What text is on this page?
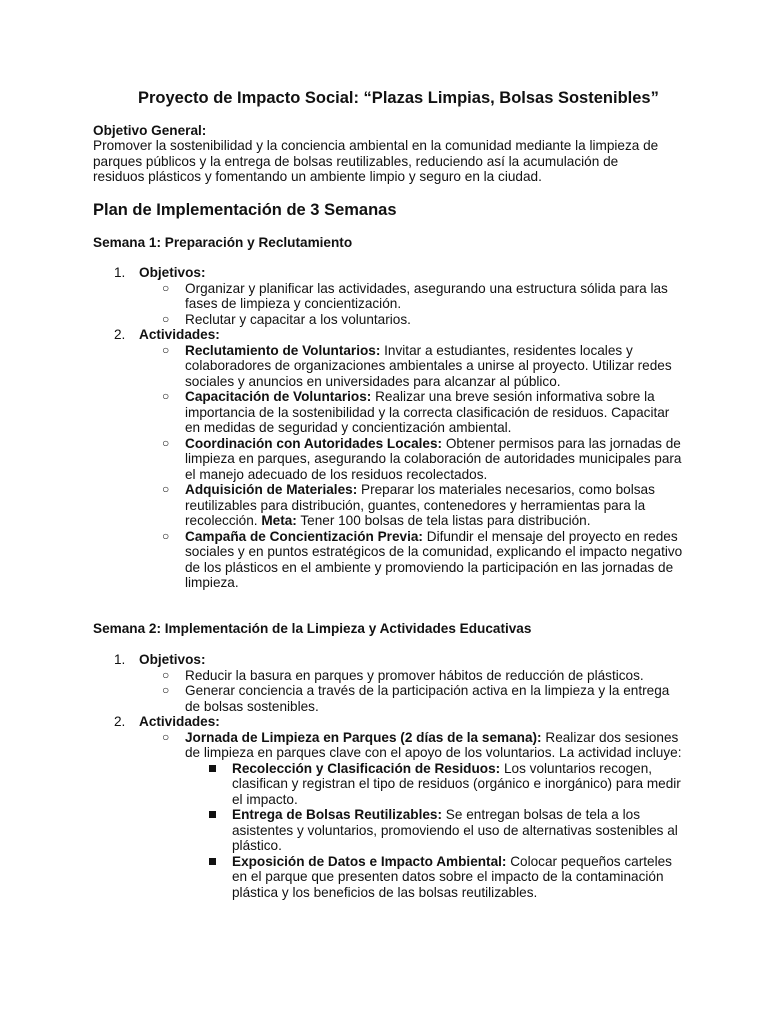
Proyecto de Impacto Social: “Plazas Limpias, Bolsas Sostenibles”
Objetivo General:
Promover la sostenibilidad y la conciencia ambiental en la comunidad mediante la limpieza de parques públicos y la entrega de bolsas reutilizables, reduciendo así la acumulación de residuos plásticos y fomentando un ambiente limpio y seguro en la ciudad.
Plan de Implementación de 3 Semanas
Semana 1: Preparación y Reclutamiento
1. Objetivos:
○ Organizar y planificar las actividades, asegurando una estructura sólida para las fases de limpieza y concientización.
○ Reclutar y capacitar a los voluntarios.
2. Actividades:
○ Reclutamiento de Voluntarios: Invitar a estudiantes, residentes locales y colaboradores de organizaciones ambientales a unirse al proyecto. Utilizar redes sociales y anuncios en universidades para alcanzar al público.
○ Capacitación de Voluntarios: Realizar una breve sesión informativa sobre la importancia de la sostenibilidad y la correcta clasificación de residuos. Capacitar en medidas de seguridad y concientización ambiental.
○ Coordinación con Autoridades Locales: Obtener permisos para las jornadas de limpieza en parques, asegurando la colaboración de autoridades municipales para el manejo adecuado de los residuos recolectados.
○ Adquisición de Materiales: Preparar los materiales necesarios, como bolsas reutilizables para distribución, guantes, contenedores y herramientas para la recolección. Meta: Tener 100 bolsas de tela listas para distribución.
○ Campaña de Concientización Previa: Difundir el mensaje del proyecto en redes sociales y en puntos estratégicos de la comunidad, explicando el impacto negativo de los plásticos en el ambiente y promoviendo la participación en las jornadas de limpieza.
Semana 2: Implementación de la Limpieza y Actividades Educativas
1. Objetivos:
○ Reducir la basura en parques y promover hábitos de reducción de plásticos.
○ Generar conciencia a través de la participación activa en la limpieza y la entrega de bolsas sostenibles.
2. Actividades:
○ Jornada de Limpieza en Parques (2 días de la semana): Realizar dos sesiones de limpieza en parques clave con el apoyo de los voluntarios. La actividad incluye:
Recolección y Clasificación de Residuos: Los voluntarios recogen, clasifican y registran el tipo de residuos (orgánico e inorgánico) para medir el impacto.
Entrega de Bolsas Reutilizables: Se entregan bolsas de tela a los asistentes y voluntarios, promoviendo el uso de alternativas sostenibles al plástico.
Exposición de Datos e Impacto Ambiental: Colocar pequeños carteles en el parque que presenten datos sobre el impacto de la contaminación plástica y los beneficios de las bolsas reutilizables.
